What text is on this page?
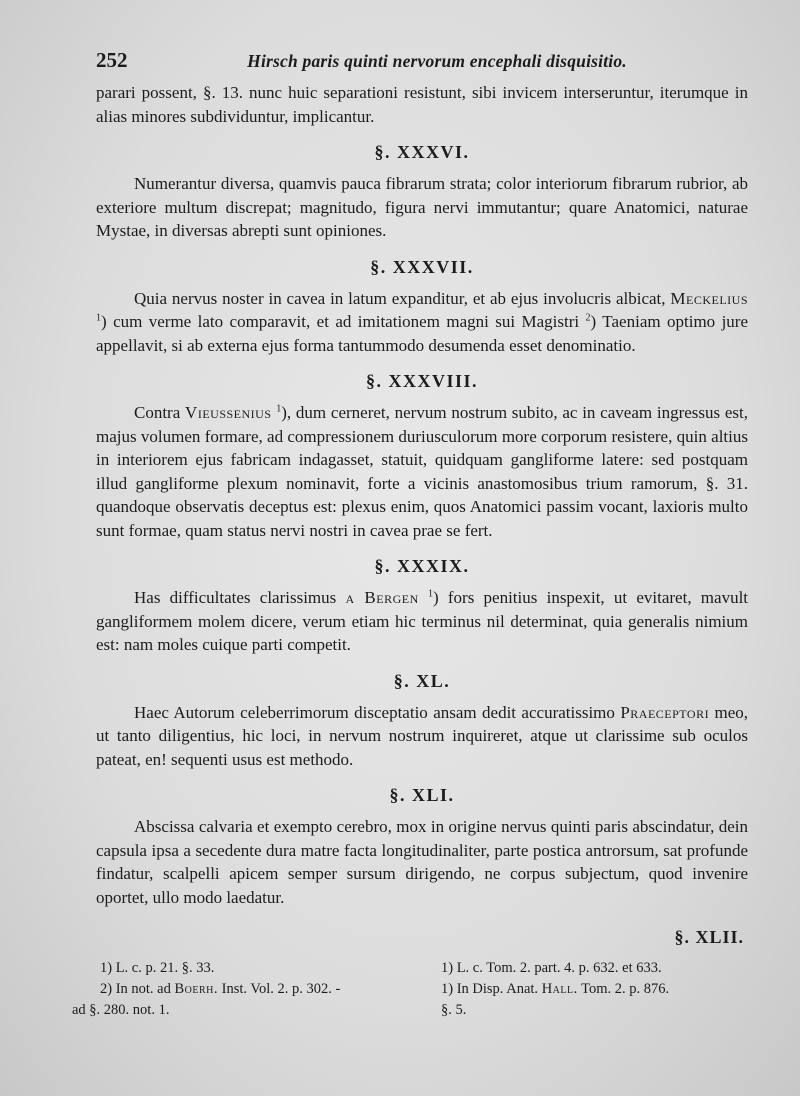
252	Hirsch paris quinti nervorum encephali disquisitio.

parari possent, §. 13. nunc huic separationi resistunt, sibi invicem interseruntur, iterumque in alias minores subdividuntur, implicantur.

§. XXXVI.

Numerantur diversa, quamvis pauca fibrarum strata; color interiorum fibrarum rubrior, ab exteriore multum discrepat; magnitudo, figura nervi immutantur; quare Anatomici, naturae Mystae, in diversas abrepti sunt opiniones.

§. XXXVII.

Quia nervus noster in cavea in latum expanditur, et ab ejus involucris albicat, Meckelius $^1$) cum verme lato comparavit, et ad imitationem magni sui Magistri $^2$) Taeniam optimo jure appellavit, si ab externa ejus forma tantummodo desumenda esset denominatio.

§. XXXVIII.

Contra Vieussenius $^1$), dum cerneret, nervum nostrum subito, ac in caveam ingressus est, majus volumen formare, ad compressionem duriusculorum more corporum resistere, quin altius in interiorem ejus fabricam indagasset, statuit, quidquam gangliforme latere: sed postquam illud gangliforme plexum nominavit, forte a vicinis anastomosibus trium ramorum, §. 31. quandoque observatis deceptus est: plexus enim, quos Anatomici passim vocant, laxioris multo sunt formae, quam status nervi nostri in cavea prae se fert.

§. XXXIX.

Has difficultates clarissimus a Bergen $^1$) fors penitius inspexit, ut evitaret, mavult gangliformem molem dicere, verum etiam hic terminus nil determinat, quia generalis nimium est: nam moles cuique parti competit.

§. XL.

Haec Autorum celeberrimorum disceptatio ansam dedit accuratissimo Praeceptori meo, ut tanto diligentius, hic loci, in nervum nostrum inquireret, atque ut clarissime sub oculos pateat, en! sequenti usus est methodo.

§. XLI.

Abscissa calvaria et exempto cerebro, mox in origine nervus quinti paris abscindatur, dein capsula ipsa a secedente dura matre facta longitudinaliter, parte postica antrorsum, sat profunde findatur, scalpelli apicem semper sursum dirigendo, ne corpus subjectum, quod invenire oportet, ullo modo laedatur.

§. XLII.
1) L. c. p. 21. §. 33.
2) In not. ad Boerh. Inst. Vol. 2. p. 302. -
ad §. 280. not. 1.
1) L. c. Tom. 2. part. 4. p. 632. et 633.
1) In Disp. Anat. Hall. Tom. 2. p. 876.
§. 5.
